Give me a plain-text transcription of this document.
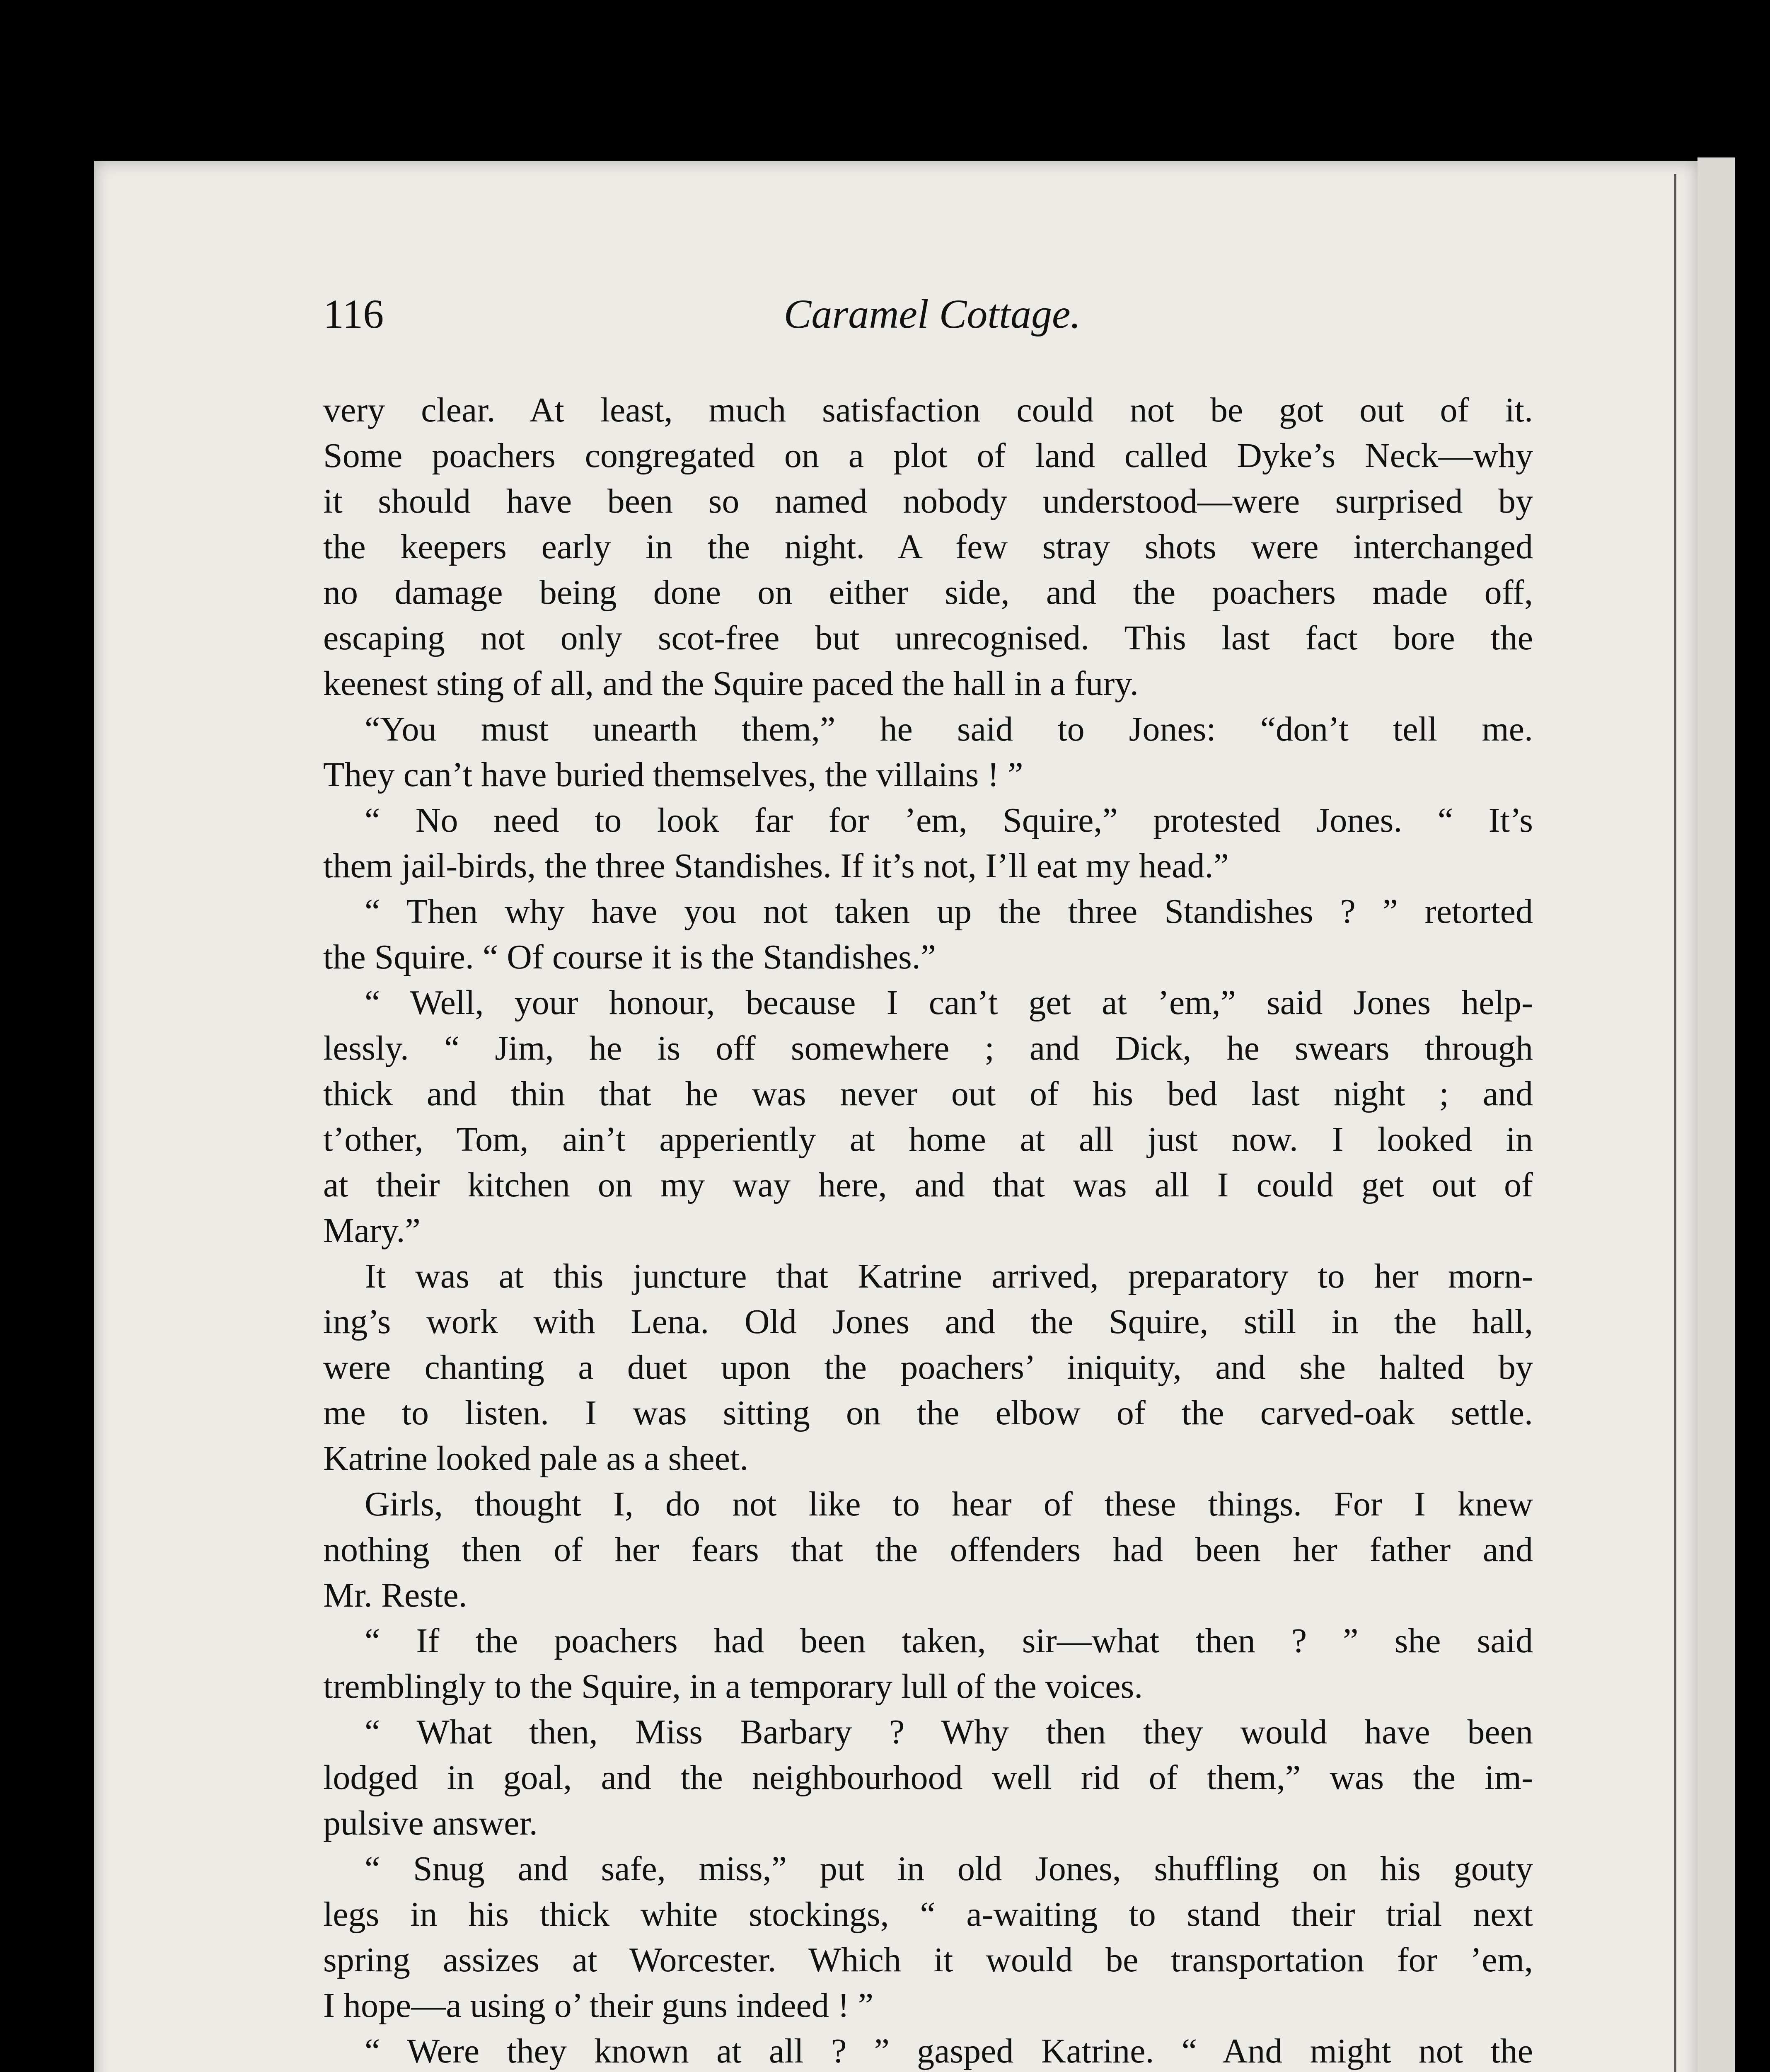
116	Caramel Cottage.
very clear. At least, much satisfaction could not be got out of it.
Some poachers congregated on a plot of land called Dyke’s Neck—why
it should have been so named nobody understood—were surprised by
the keepers early in the night. A few stray shots were interchanged
no damage being done on either side, and the poachers made off,
escaping not only scot-free but unrecognised. This last fact bore the
keenest sting of all, and the Squire paced the hall in a fury.
“You must unearth them,” he said to Jones: “don’t tell me.
They can’t have buried themselves, the villains ! ”
“ No need to look far for ’em, Squire,” protested Jones. “ It’s
them jail-birds, the three Standishes. If it’s not, I’ll eat my head.”
“ Then why have you not taken up the three Standishes ? ” retorted
the Squire. “ Of course it is the Standishes.”
“ Well, your honour, because I can’t get at ’em,” said Jones help-
lessly. “ Jim, he is off somewhere ; and Dick, he swears through
thick and thin that he was never out of his bed last night ; and
t’other, Tom, ain’t apperiently at home at all just now. I looked in
at their kitchen on my way here, and that was all I could get out of
Mary.”
It was at this juncture that Katrine arrived, preparatory to her morn-
ing’s work with Lena. Old Jones and the Squire, still in the hall,
were chanting a duet upon the poachers’ iniquity, and she halted by
me to listen. I was sitting on the elbow of the carved-oak settle.
Katrine looked pale as a sheet.
Girls, thought I, do not like to hear of these things. For I knew
nothing then of her fears that the offenders had been her father and
Mr. Reste.
“ If the poachers had been taken, sir—what then ? ” she said
tremblingly to the Squire, in a temporary lull of the voices.
“ What then, Miss Barbary ? Why then they would have been
lodged in goal, and the neighbourhood well rid of them,” was the im-
pulsive answer.
“ Snug and safe, miss,” put in old Jones, shuffling on his gouty
legs in his thick white stockings, “ a-waiting to stand their trial next
spring assizes at Worcester. Which it would be transportation for ’em,
I hope—a using o’ their guns indeed ! ”
“ Were they known at all ? ” gasped Katrine. “ And might not the
